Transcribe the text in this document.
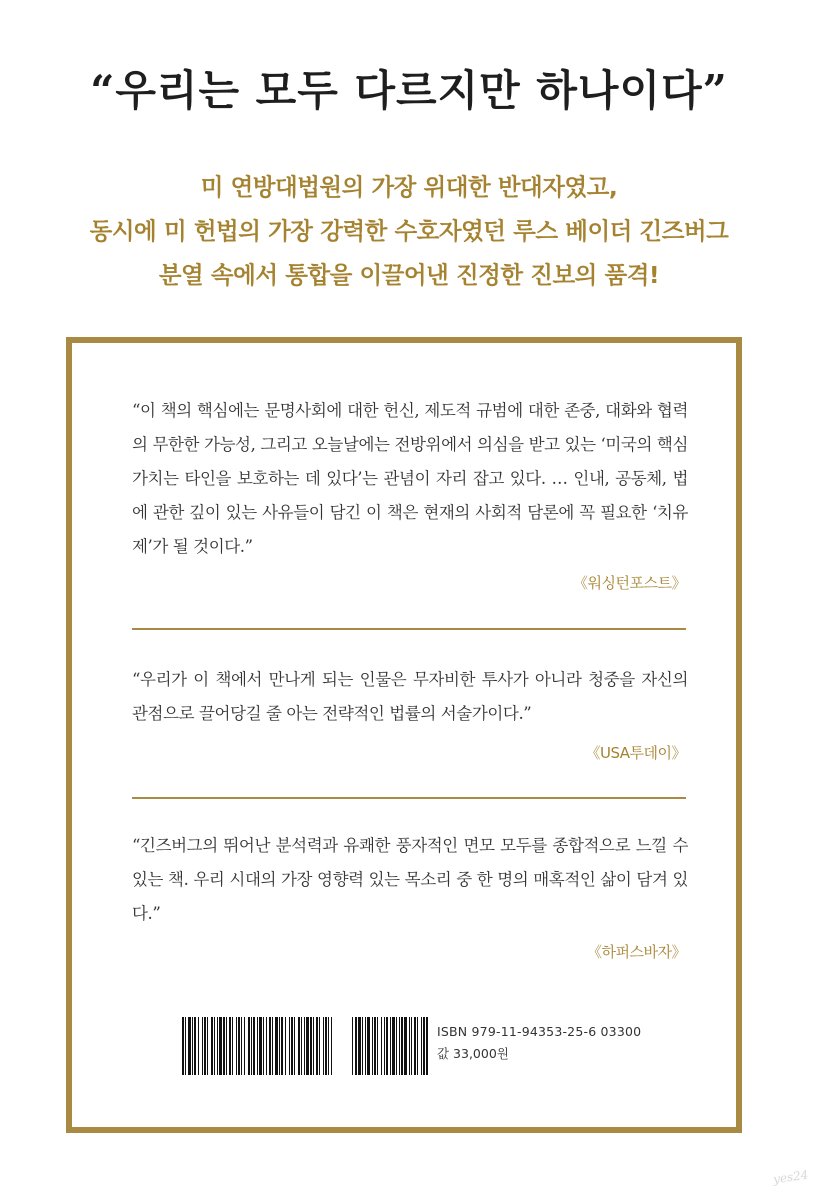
“우리는 모두 다르지만 하나이다”
미 연방대법원의 가장 위대한 반대자였고,
동시에 미 헌법의 가장 강력한 수호자였던 루스 베이더 긴즈버그
분열 속에서 통합을 이끌어낸 진정한 진보의 품격!
“이 책의 핵심에는 문명사회에 대한 헌신, 제도적 규범에 대한 존중, 대화와 협력의 무한한 가능성, 그리고 오늘날에는 전방위에서 의심을 받고 있는 ‘미국의 핵심 가치는 타인을 보호하는 데 있다’는 관념이 자리 잡고 있다. … 인내, 공동체, 법에 관한 깊이 있는 사유들이 담긴 이 책은 현재의 사회적 담론에 꼭 필요한 ‘치유제’가 될 것이다.”
《워싱턴포스트》
“우리가 이 책에서 만나게 되는 인물은 무자비한 투사가 아니라 청중을 자신의 관점으로 끌어당길 줄 아는 전략적인 법률의 서술가이다.”
《USA투데이》
“긴즈버그의 뛰어난 분석력과 유쾌한 풍자적인 면모 모두를 종합적으로 느낄 수 있는 책. 우리 시대의 가장 영향력 있는 목소리 중 한 명의 매혹적인 삶이 담겨 있다.”
《하퍼스바자》
ISBN 979-11-94353-25-6 03300
값 33,000원
yes24
